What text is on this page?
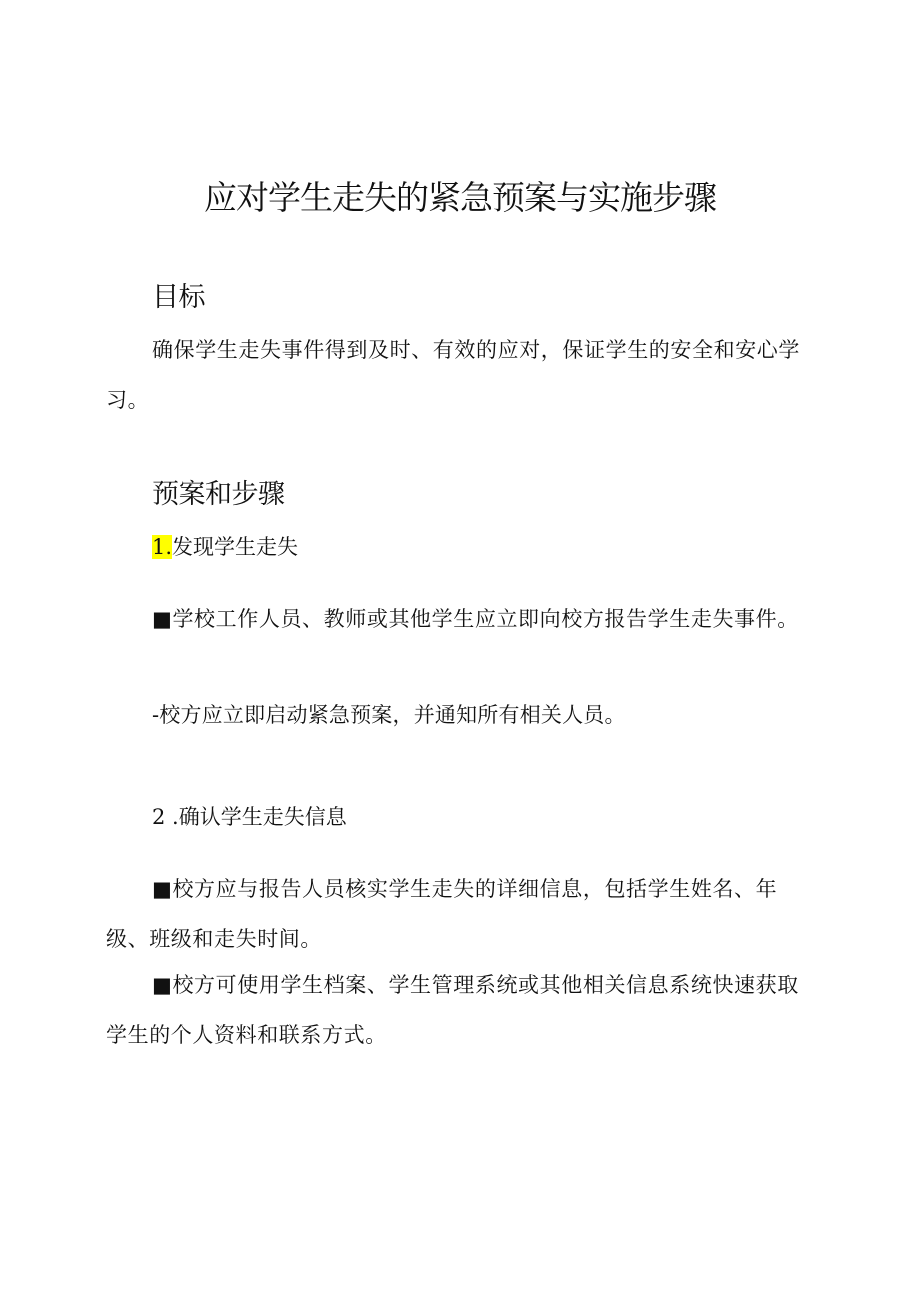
应对学生走失的紧急预案与实施步骤
目标

确保学生走失事件得到及时、有效的应对，保证学生的安全和安心学习。

预案和步骤

1.发现学生走失

■学校工作人员、教师或其他学生应立即向校方报告学生走失事件。

-校方应立即启动紧急预案，并通知所有相关人员。

2 .确认学生走失信息

■校方应与报告人员核实学生走失的详细信息，包括学生姓名、年级、班级和走失时间。

■校方可使用学生档案、学生管理系统或其他相关信息系统快速获取学生的个人资料和联系方式。
